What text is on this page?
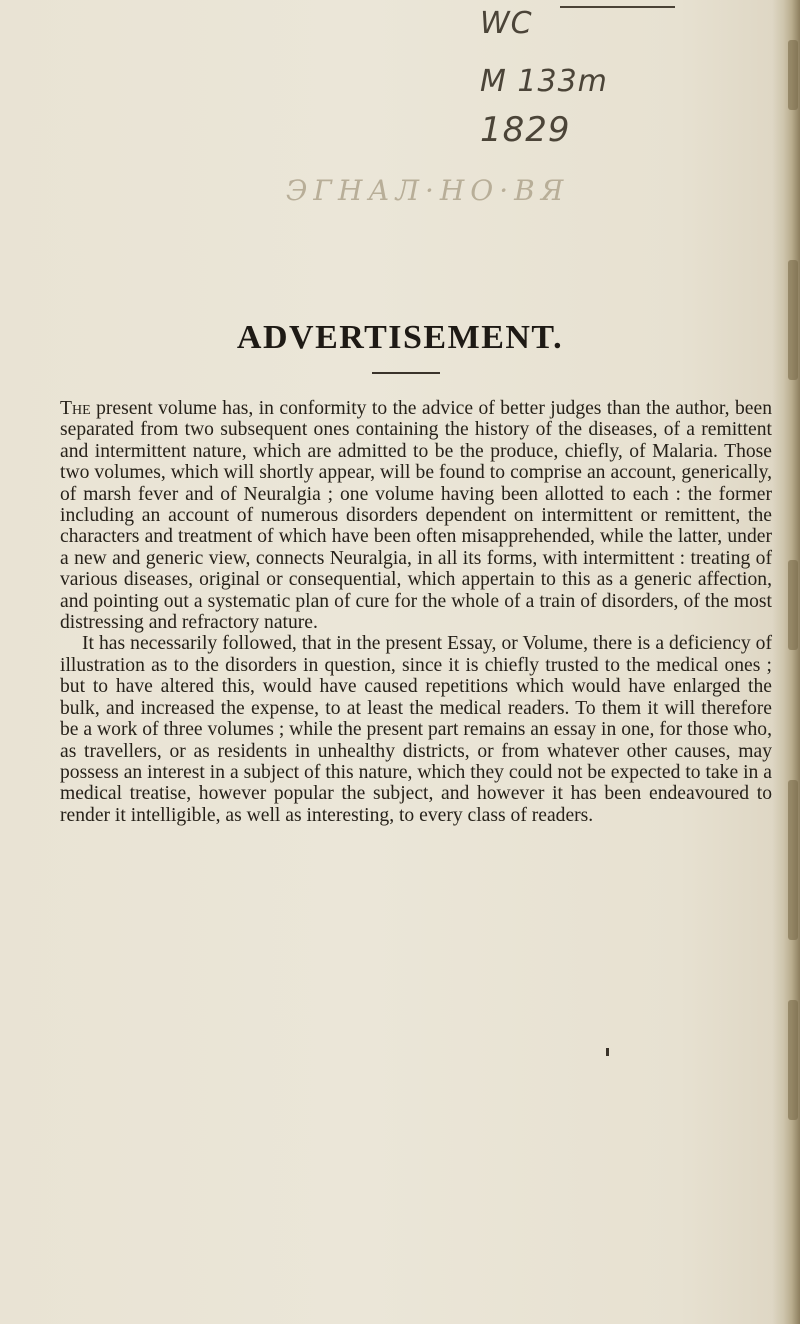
WC
M 133m
1829
ЭГНАЛ·НО·ВЯ
ADVERTISEMENT.

The present volume has, in conformity to the advice of better judges than the author, been separated from two subsequent ones containing the history of the diseases, of a remittent and intermittent nature, which are admitted to be the produce, chiefly, of Malaria. Those two volumes, which will shortly appear, will be found to comprise an account, generically, of marsh fever and of Neuralgia ; one volume having been allotted to each : the former including an account of numerous disorders dependent on intermittent or remittent, the characters and treatment of which have been often misapprehended, while the latter, under a new and generic view, connects Neuralgia, in all its forms, with intermittent : treating of various diseases, original or consequential, which appertain to this as a generic affection, and pointing out a systematic plan of cure for the whole of a train of disorders, of the most distressing and refractory nature.

It has necessarily followed, that in the present Essay, or Volume, there is a deficiency of illustration as to the disorders in question, since it is chiefly trusted to the medical ones ; but to have altered this, would have caused repetitions which would have enlarged the bulk, and increased the expense, to at least the medical readers. To them it will therefore be a work of three volumes ; while the present part remains an essay in one, for those who, as travellers, or as residents in unhealthy districts, or from whatever other causes, may possess an interest in a subject of this nature, which they could not be expected to take in a medical treatise, however popular the subject, and however it has been endeavoured to render it intelligible, as well as interesting, to every class of readers.
